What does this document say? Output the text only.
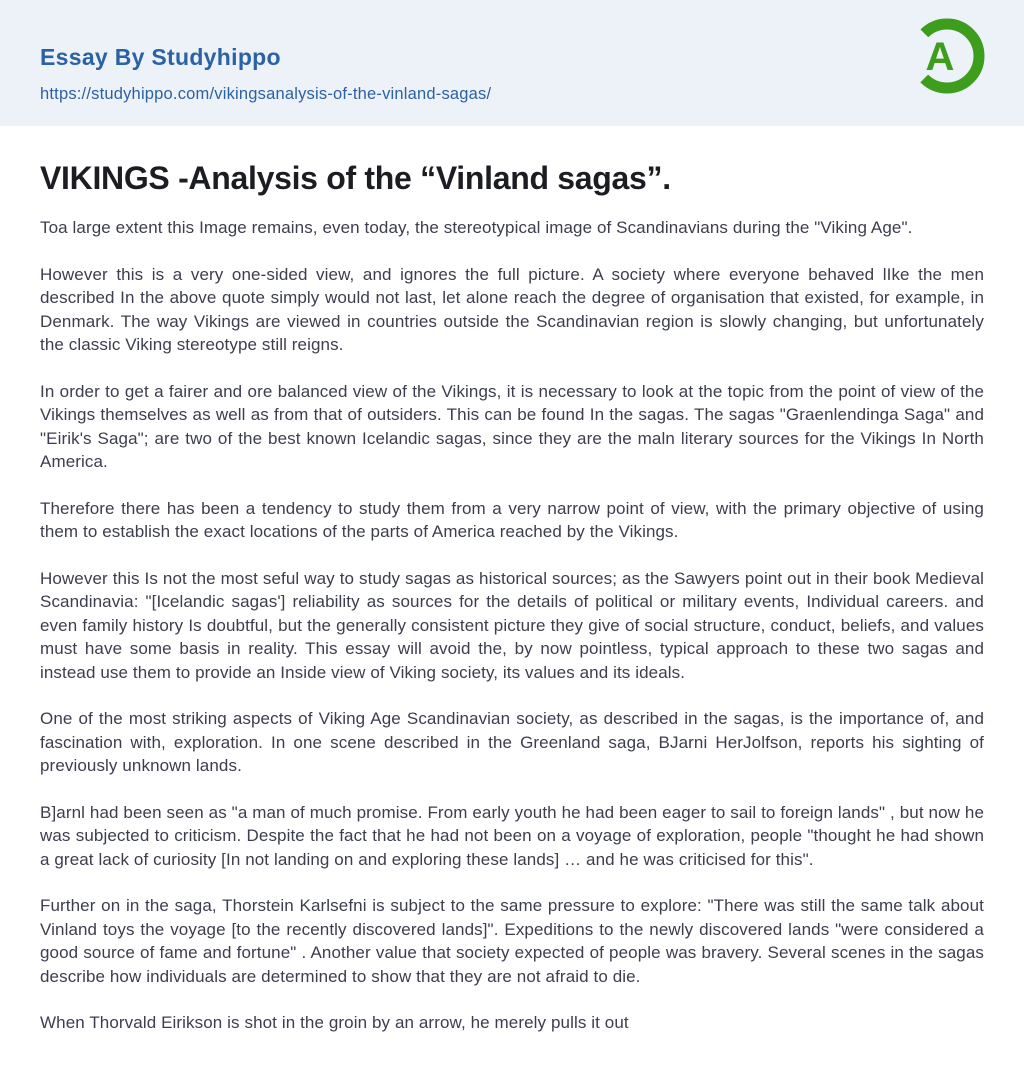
Essay By Studyhippo
https://studyhippo.com/vikingsanalysis-of-the-vinland-sagas/
A
VIKINGS -Analysis of the “Vinland sagas”.

Toa large extent this Image remains, even today, the stereotypical image of Scandinavians during the "Viking Age".

However this is a very one-sided view, and ignores the full picture. A society where everyone behaved lIke the men described In the above quote simply would not last, let alone reach the degree of organisation that existed, for example, in Denmark. The way Vikings are viewed in countries outside the Scandinavian region is slowly changing, but unfortunately the classic Viking stereotype still reigns.

In order to get a fairer and ore balanced view of the Vikings, it is necessary to look at the topic from the point of view of the Vikings themselves as well as from that of outsiders. This can be found In the sagas. The sagas "Graenlendinga Saga" and "Eirik's Saga"; are two of the best known Icelandic sagas, since they are the maln literary sources for the Vikings In North America.

Therefore there has been a tendency to study them from a very narrow point of view, with the primary objective of using them to establish the exact locations of the parts of America reached by the Vikings.

However this Is not the most seful way to study sagas as historical sources; as the Sawyers point out in their book Medieval Scandinavia: "[Icelandic sagas'] reliability as sources for the details of political or military events, Individual careers. and even family history Is doubtful, but the generally consistent picture they give of social structure, conduct, beliefs, and values must have some basis in reality. This essay will avoid the, by now pointless, typical approach to these two sagas and instead use them to provide an Inside view of Viking society, its values and its ideals.

One of the most striking aspects of Viking Age Scandinavian society, as described in the sagas, is the importance of, and fascination with, exploration. In one scene described in the Greenland saga, BJarni HerJolfson, reports his sighting of previously unknown lands.

B]arnl had been seen as "a man of much promise. From early youth he had been eager to sail to foreign lands" , but now he was subjected to criticism. Despite the fact that he had not been on a voyage of exploration, people "thought he had shown a great lack of curiosity [In not landing on and exploring these lands] … and he was criticised for this".

Further on in the saga, Thorstein Karlsefni is subject to the same pressure to explore: "There was still the same talk about Vinland toys the voyage [to the recently discovered lands]". Expeditions to the newly discovered lands "were considered a good source of fame and fortune" . Another value that society expected of people was bravery. Several scenes in the sagas describe how individuals are determined to show that they are not afraid to die.

When Thorvald Eirikson is shot in the groin by an arrow, he merely pulls it out
